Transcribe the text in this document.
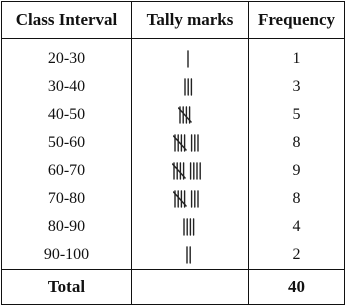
Class Interval	Tally marks	Frequency
20-30		1
30-40		3
40-50		5
50-60		8
60-70		9
70-80		8
80-90		4
90-100		2
Total		40
